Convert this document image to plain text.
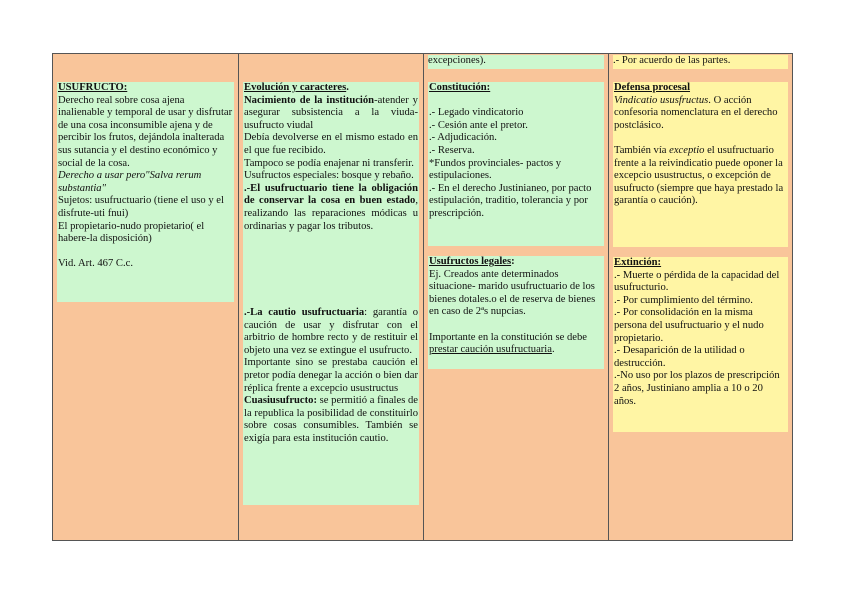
USUFRUCTO:
Derecho real sobre cosa ajena inalienable y temporal de usar y disfrutar de una cosa inconsumible ajena y de percibir los frutos, dejándola inalterada sus sutancia y el destino económico y social de la cosa.
Derecho a usar pero"Salva rerum substantia"
Sujetos: usufructuario (tiene el uso y el disfrute-uti fnui)
El propietario-nudo propietario( el habere-la disposición)
Vid. Art. 467 C.c.
Evolución y caracteres.
Nacimiento de la institución-atender y asegurar subsistencia a la viuda-usufructo viudal
Debía devolverse en el mismo estado en el que fue recibido.
Tampoco se podía enajenar ni transferir.
Usufructos especiales: bosque y rebaño.
.-El usufructuario tiene la obligación de conservar la cosa en buen estado, realizando las reparaciones módicas u ordinarias y pagar los tributos.
.-La cautio usufructuaria: garantía o caución de usar y disfrutar con el arbitrio de hombre recto y de restituir el objeto una vez se extingue el usufructo.
Importante sino se prestaba caución el pretor podía denegar la acción o bien dar réplica frente a excepcio usustructus
Cuasiusufructo: se permitió a finales de la republica la posibilidad de constituirlo sobre cosas consumibles. También se exigía para esta institución cautio.
excepciones).
Constitución:
.- Legado vindicatorio
.- Cesión ante el pretor.
.- Adjudicación.
.- Reserva.
*Fundos provinciales- pactos y estipulaciones.
.- En el derecho Justinianeo, por pacto estipulación, traditio, tolerancia y por prescripción.
Usufructos legales:
Ej. Creados ante determinados situacione- marido usufructuario de los bienes dotales.o el de reserva de bienes en caso de 2ªs nupcias.
Importante en la constitución se debe prestar caución usufructuaria.
.- Por acuerdo de las partes.
Defensa procesal
Vindicatio ususfructus. O acción confesoria nomenclatura en el derecho postclásico.
También vía exceptio el usufructuario frente a la reivindicatio puede oponer la excepcio usustructus, o excepción de usufructo (siempre que haya prestado la garantía o caución).
Extinción:
.- Muerte o pérdida de la capacidad del usufructurio.
.- Por cumplimiento del término.
.- Por consolidación en la misma persona del usufructuario y el nudo propietario.
.- Desaparición de la utilidad o destrucción.
.-No uso por los plazos de prescripción 2 años, Justiniano amplia a 10 o 20 años.
